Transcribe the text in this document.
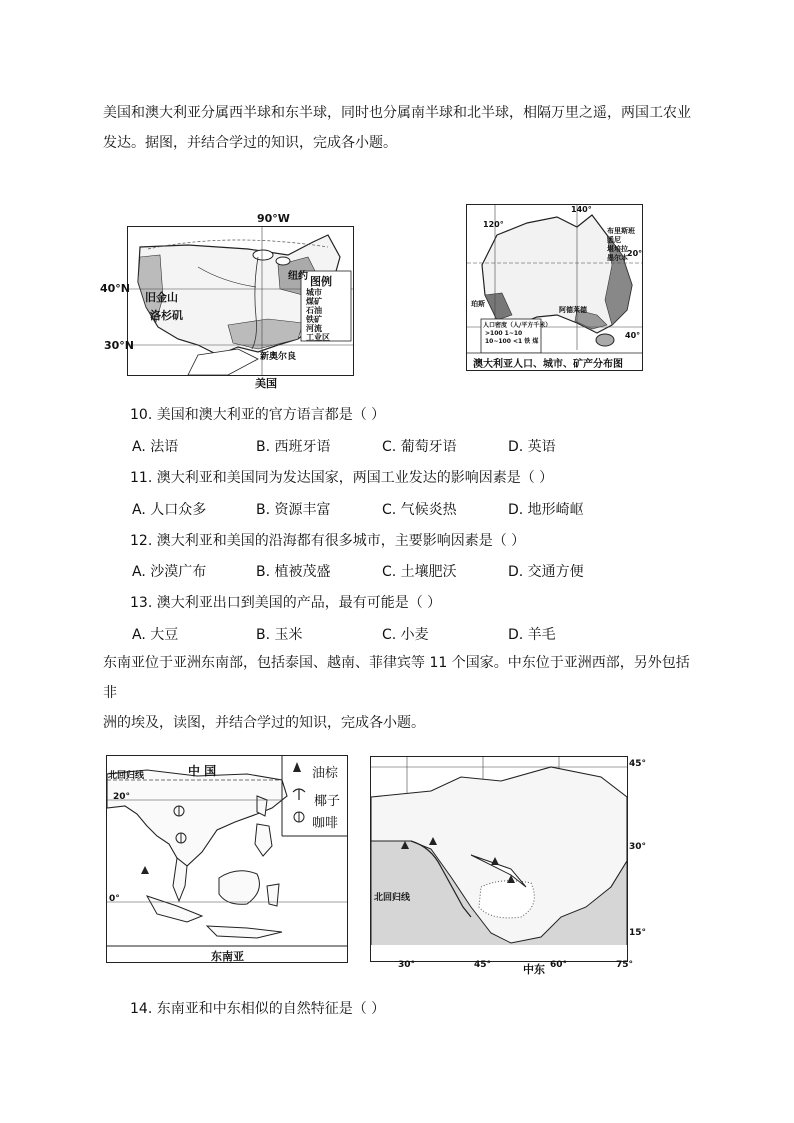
美国和澳大利亚分属西半球和东半球，同时也分属南半球和北半球，相隔万里之遥，两国工农业
发达。据图，并结合学过的知识，完成各小题。
旧金山
洛杉矶
纽约
新奥尔良
图例
城市
煤矿
石油
铁矿
河流
工业区
90°W
40°N
30°N
美国
140°
120°
20°
40°
布里斯班
悉尼
堪培拉
墨尔本
珀斯
阿德莱德
人口密度（人/平方千米）
>100 1~10 10~100 <1 铁 煤
澳大利亚人口、城市、矿产分布图
10. 美国和澳大利亚的官方语言都是（ ）
A. 法语	B. 西班牙语	C. 葡萄牙语	D. 英语
11. 澳大利亚和美国同为发达国家，两国工业发达的影响因素是（ ）
A. 人口众多	B. 资源丰富	C. 气候炎热	D. 地形崎岖
12. 澳大利亚和美国的沿海都有很多城市，主要影响因素是（ ）
A. 沙漠广布	B. 植被茂盛	C. 土壤肥沃	D. 交通方便
13. 澳大利亚出口到美国的产品，最有可能是（ ）
A. 大豆	B. 玉米	C. 小麦	D. 羊毛
东南亚位于亚洲东南部，包括泰国、越南、菲律宾等 11 个国家。中东位于亚洲西部，另外包括非
洲的埃及，读图，并结合学过的知识，完成各小题。
中 国
北回归线
20°
0°
油棕
椰子
咖啡
东南亚
北回归线
中东
45°
30°
15°
30°	45°	60°	75°
14. 东南亚和中东相似的自然特征是（ ）
